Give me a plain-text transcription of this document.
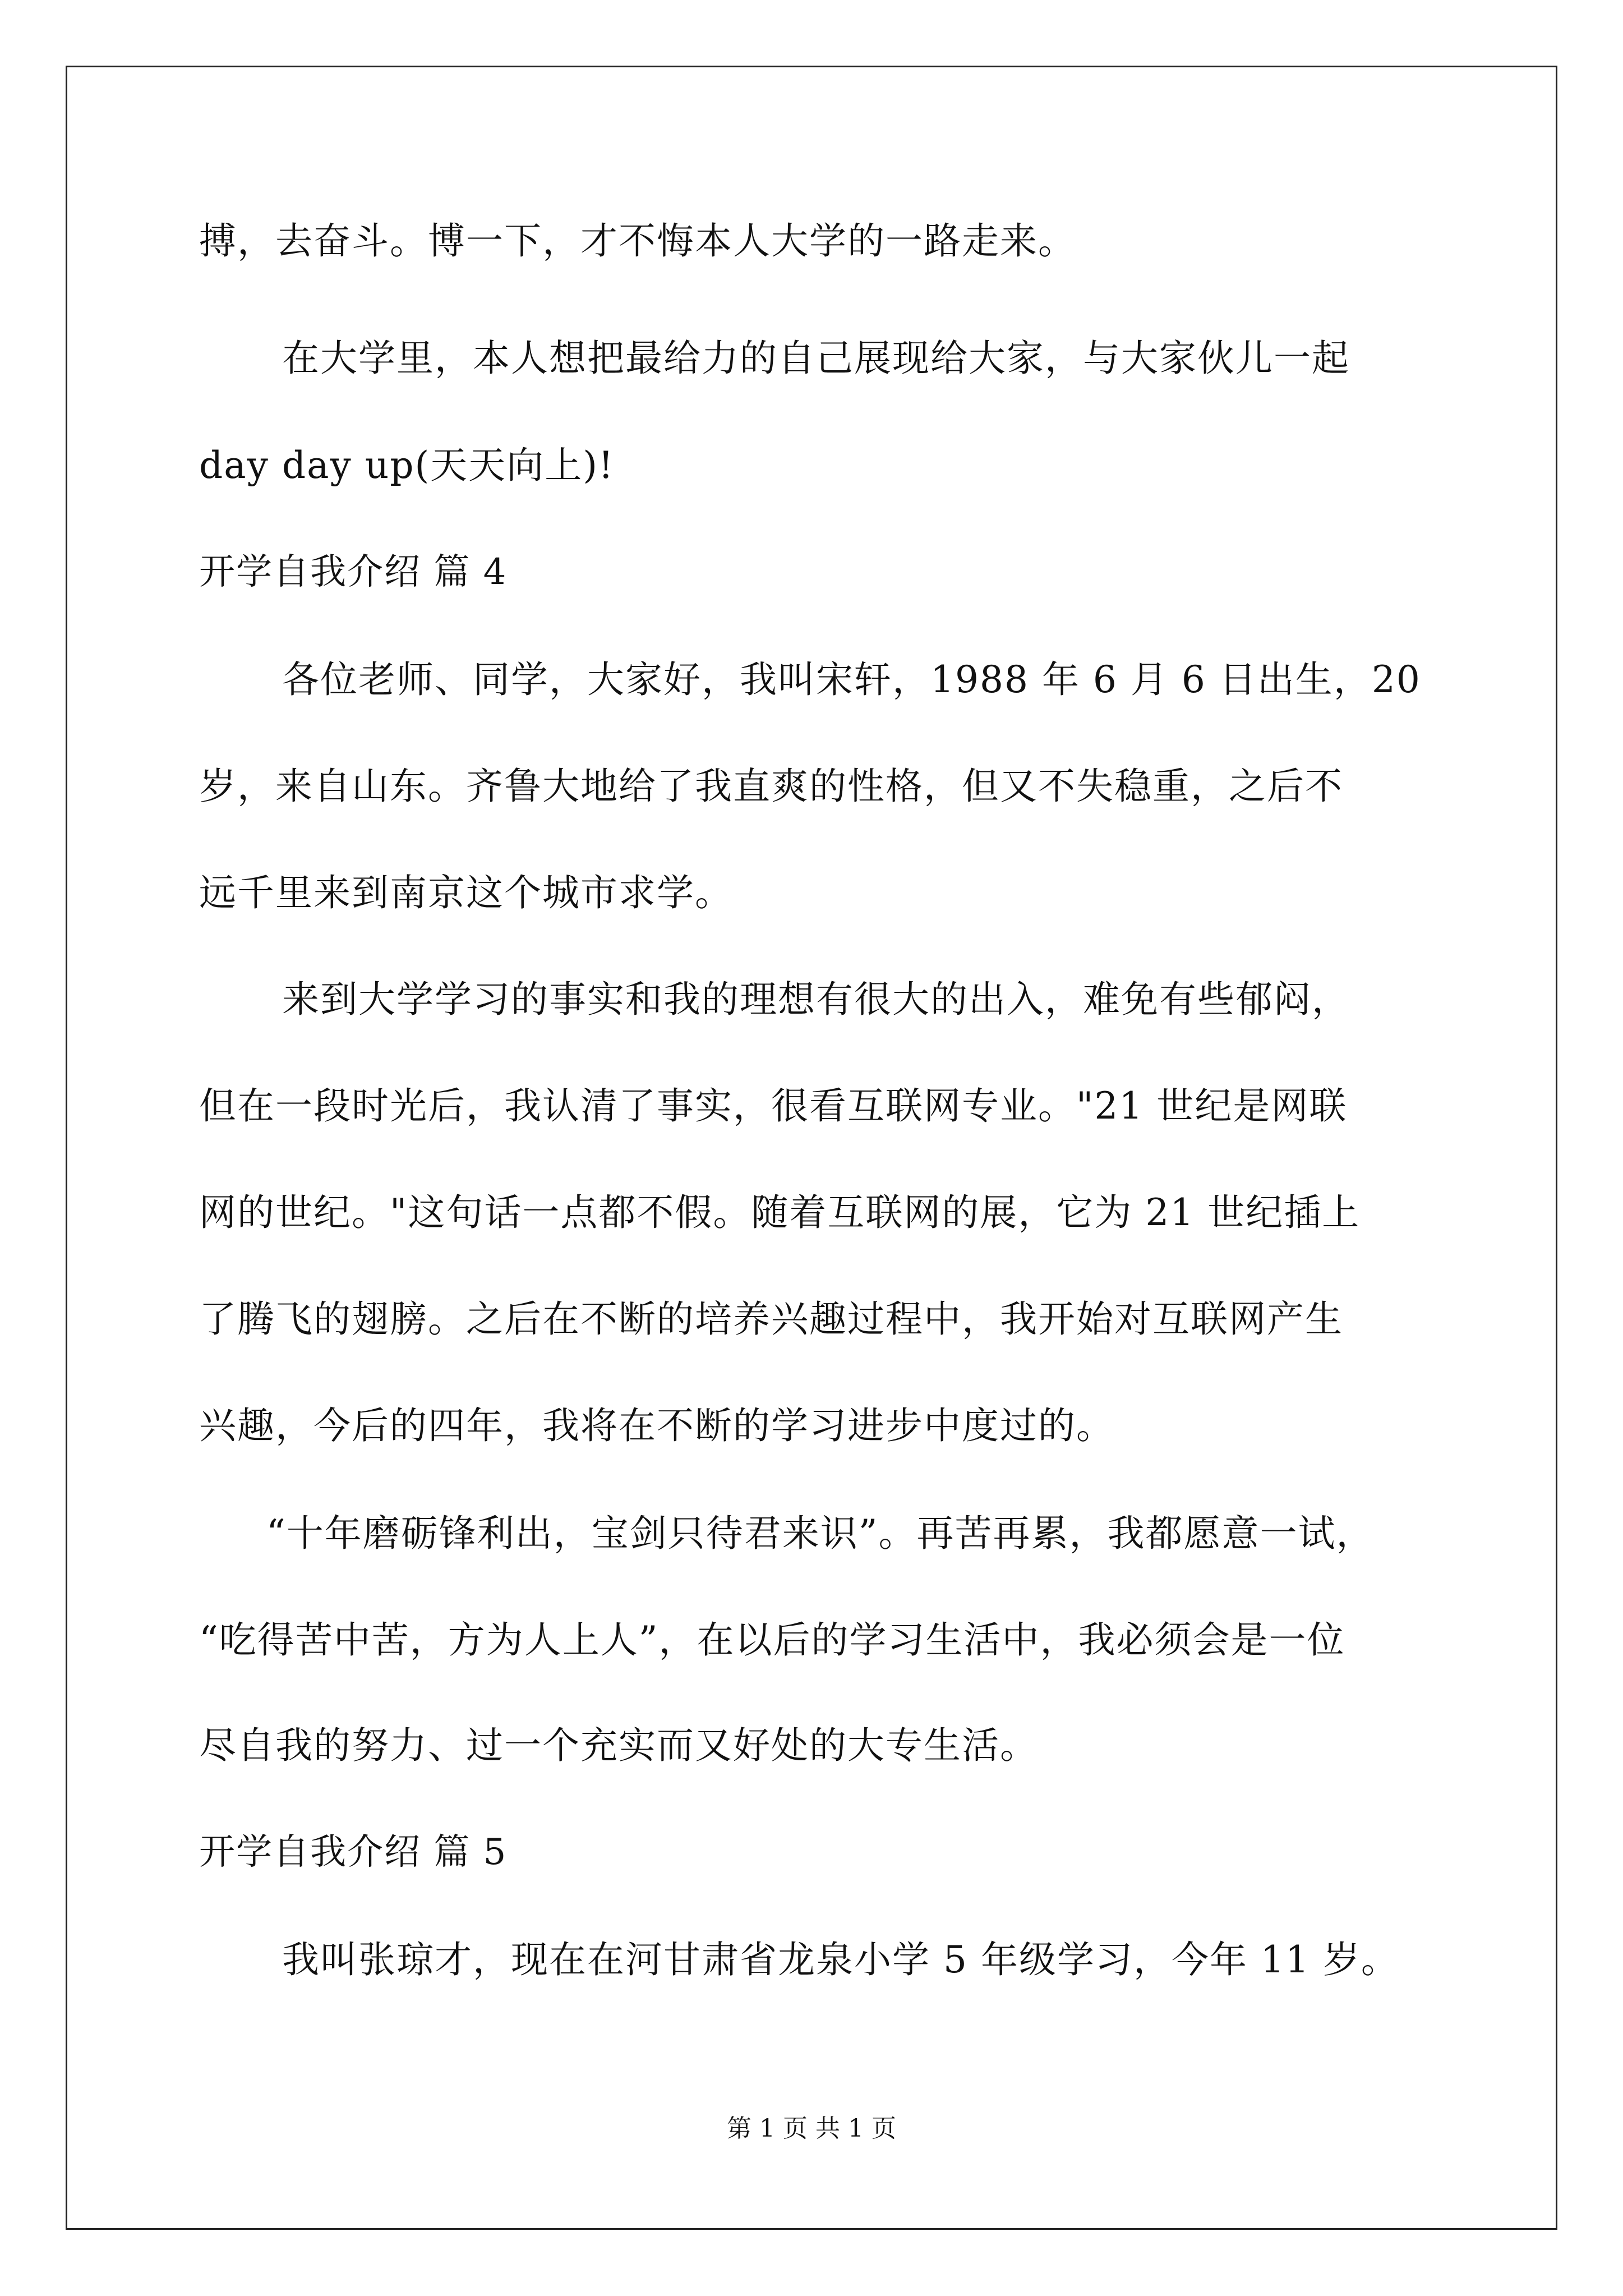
搏，去奋斗。博一下，才不悔本人大学的一路走来。
在大学里，本人想把最给力的自己展现给大家，与大家伙儿一起
day day up(天天向上)!
开学自我介绍 篇 4
各位老师、同学，大家好，我叫宋轩，1988 年 6 月 6 日出生，20
岁，来自山东。齐鲁大地给了我直爽的性格，但又不失稳重，之后不
远千里来到南京这个城市求学。
来到大学学习的事实和我的理想有很大的出入，难免有些郁闷，
但在一段时光后，我认清了事实，很看互联网专业。"21 世纪是网联
网的世纪。"这句话一点都不假。随着互联网的展，它为 21 世纪插上
了腾飞的翅膀。之后在不断的培养兴趣过程中，我开始对互联网产生
兴趣，今后的四年，我将在不断的学习进步中度过的。
“十年磨砺锋利出，宝剑只待君来识”。再苦再累，我都愿意一试，
“吃得苦中苦，方为人上人”，在以后的学习生活中，我必须会是一位
尽自我的努力、过一个充实而又好处的大专生活。
开学自我介绍 篇 5
我叫张琼才，现在在河甘肃省龙泉小学 5 年级学习，今年 11 岁。
第 1 页 共 1 页
